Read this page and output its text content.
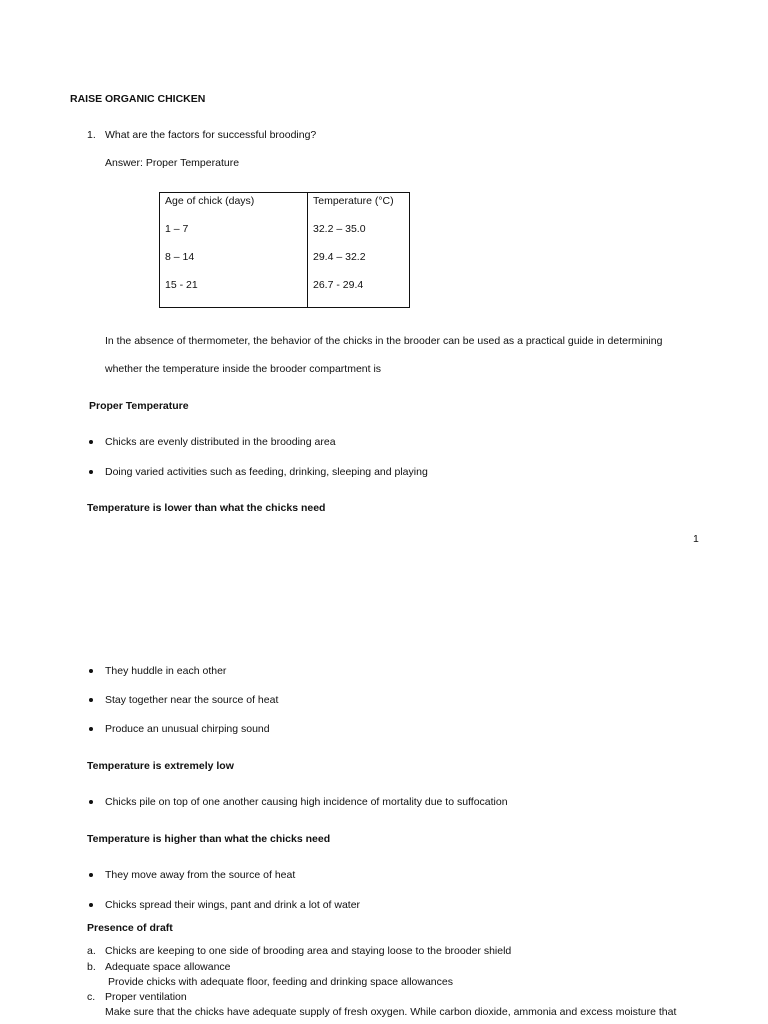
RAISE ORGANIC CHICKEN
1. What are the factors for successful brooding?
Answer: Proper Temperature
Age of chick (days)	Temperature (°C)
1 – 7	32.2 – 35.0
8 – 14	29.4 – 32.2
15 - 21	26.7 - 29.4
In the absence of thermometer, the behavior of the chicks in the brooder can be used as a practical guide in determining
whether the temperature inside the brooder compartment is
Proper Temperature
Chicks are evenly distributed in the brooding area
Doing varied activities such as feeding, drinking, sleeping and playing
Temperature is lower than what the chicks need
1
They huddle in each other
Stay together near the source of heat
Produce an unusual chirping sound
Temperature is extremely low
Chicks pile on top of one another causing high incidence of mortality due to suffocation
Temperature is higher than what the chicks need
They move away from the source of heat
Chicks spread their wings, pant and drink a lot of water
Presence of draft
a. Chicks are keeping to one side of brooding area and staying loose to the brooder shield
b. Adequate space allowance
Provide chicks with adequate floor, feeding and drinking space allowances
c. Proper ventilation
Make sure that the chicks have adequate supply of fresh oxygen. While carbon dioxide, ammonia and excess moisture that
